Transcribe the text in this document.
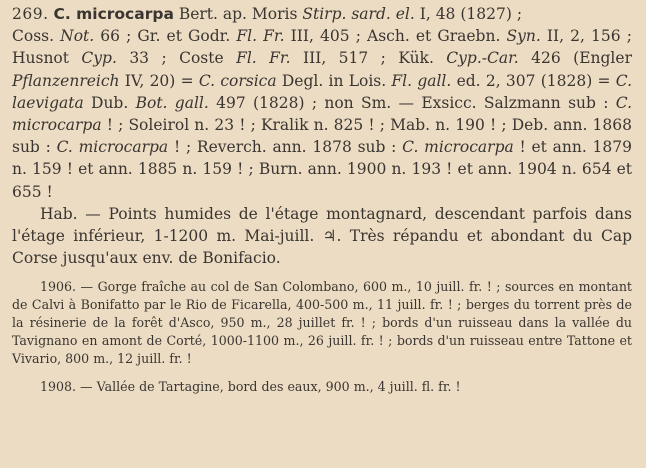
269. C. microcarpa Bert. ap. Moris Stirp. sard. el. I, 48 (1827) ;

Coss. Not. 66 ; Gr. et Godr. Fl. Fr. III, 405 ; Asch. et Graebn. Syn. II, 2, 156 ; Husnot Cyp. 33 ; Coste Fl. Fr. III, 517 ; Kük. Cyp.-Car. 426 (Engler Pflanzenreich IV, 20) = C. corsica Degl. in Lois. Fl. gall. ed. 2, 307 (1828) = C. laevigata Dub. Bot. gall. 497 (1828) ; non Sm. — Exsicc. Salzmann sub : C. microcarpa ! ; Soleirol n. 23 ! ; Kralik n. 825 ! ; Mab. n. 190 ! ; Deb. ann. 1868 sub : C. microcarpa ! ; Reverch. ann. 1878 sub : C. microcarpa ! et ann. 1879 n. 159 ! et ann. 1885 n. 159 ! ; Burn. ann. 1900 n. 193 ! et ann. 1904 n. 654 et 655 !

Hab. — Points humides de l'étage montagnard, descendant parfois dans l'étage inférieur, 1-1200 m. Mai-juill. ♃. Très répandu et abondant du Cap Corse jusqu'aux env. de Bonifacio.

1906. — Gorge fraîche au col de San Colombano, 600 m., 10 juill. fr. ! ; sources en montant de Calvi à Bonifatto par le Rio de Ficarella, 400-500 m., 11 juill. fr. ! ; berges du torrent près de la résinerie de la forêt d'Asco, 950 m., 28 juillet fr. ! ; bords d'un ruisseau dans la vallée du Tavignano en amont de Corté, 1000-1100 m., 26 juill. fr. ! ; bords d'un ruisseau entre Tattone et Vivario, 800 m., 12 juill. fr. !

1908. — Vallée de Tartagine, bord des eaux, 900 m., 4 juill. fl. fr. !
